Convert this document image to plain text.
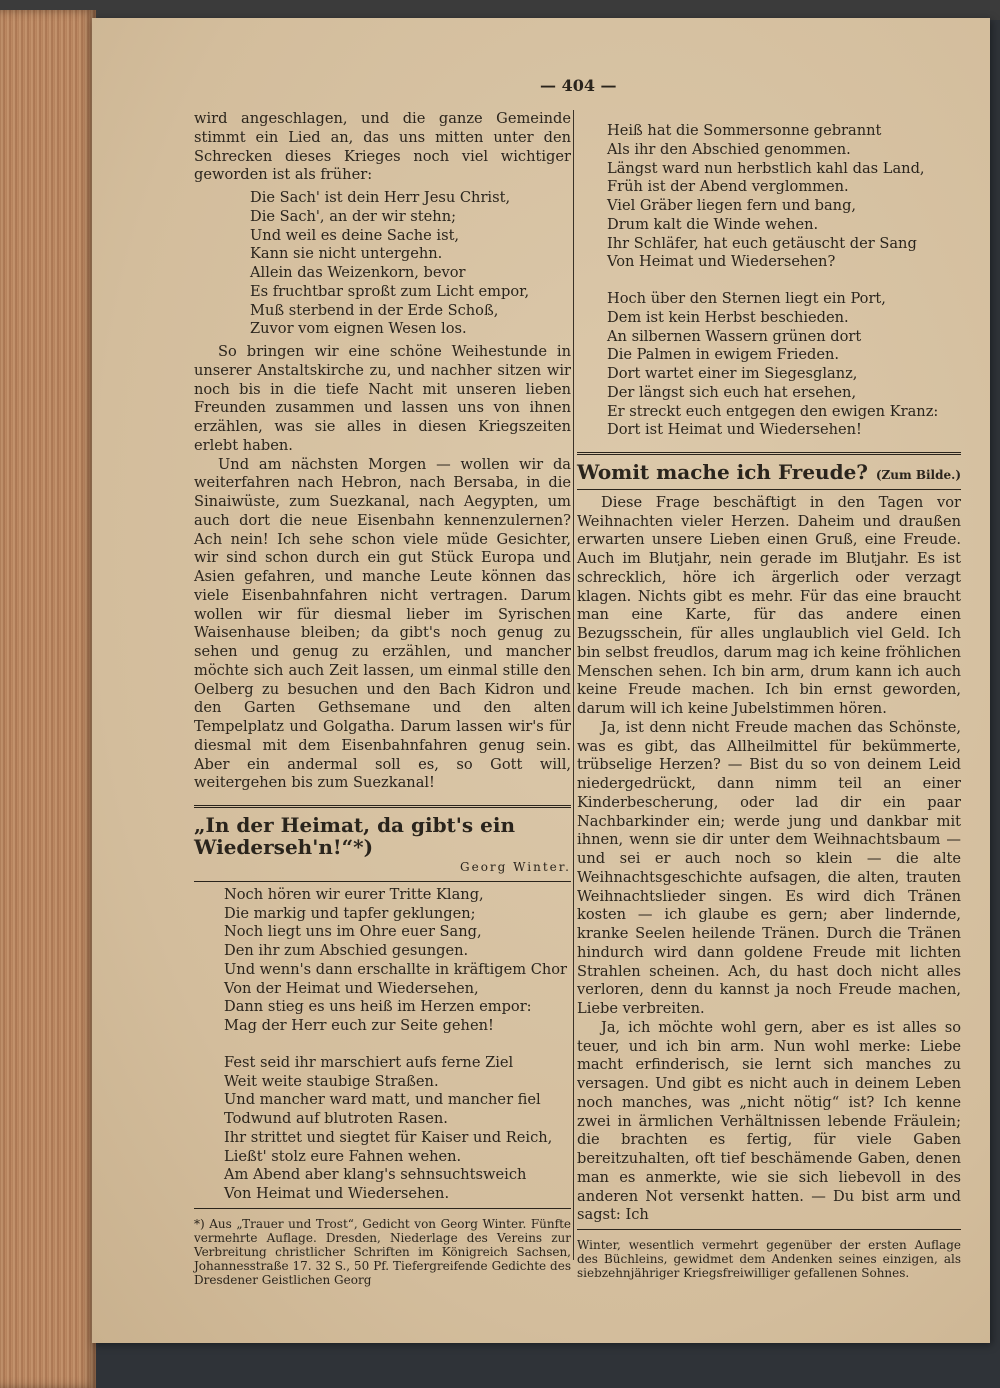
— 404 —

wird angeschlagen, und die ganze Gemeinde stimmt ein Lied an, das uns mitten unter den Schrecken dieses Krieges noch viel wichtiger geworden ist als früher:

Die Sach' ist dein Herr Jesu Christ,
Die Sach', an der wir stehn;
Und weil es deine Sache ist,
Kann sie nicht untergehn.
Allein das Weizenkorn, bevor
Es fruchtbar sproßt zum Licht empor,
Muß sterbend in der Erde Schoß,
Zuvor vom eignen Wesen los.

So bringen wir eine schöne Weihestunde in unserer Anstaltskirche zu, und nachher sitzen wir noch bis in die tiefe Nacht mit unseren lieben Freunden zusammen und lassen uns von ihnen erzählen, was sie alles in diesen Kriegszeiten erlebt haben.

Und am nächsten Morgen — wollen wir da weiterfahren nach Hebron, nach Bersaba, in die Sinaiwüste, zum Suezkanal, nach Aegypten, um auch dort die neue Eisenbahn kennenzulernen? Ach nein! Ich sehe schon viele müde Gesichter, wir sind schon durch ein gut Stück Europa und Asien gefahren, und manche Leute können das viele Eisenbahnfahren nicht vertragen. Darum wollen wir für diesmal lieber im Syrischen Waisenhause bleiben; da gibt's noch genug zu sehen und genug zu erzählen, und mancher möchte sich auch Zeit lassen, um einmal stille den Oelberg zu besuchen und den Bach Kidron und den Garten Gethsemane und den alten Tempelplatz und Golgatha. Darum lassen wir's für diesmal mit dem Eisenbahnfahren genug sein. Aber ein andermal soll es, so Gott will, weitergehen bis zum Suezkanal!

„In der Heimat, da gibt's ein Wiederseh'n!“*)
Georg Winter.
Noch hören wir eurer Tritte Klang,
Die markig und tapfer geklungen;
Noch liegt uns im Ohre euer Sang,
Den ihr zum Abschied gesungen.
Und wenn's dann erschallte in kräftigem Chor
Von der Heimat und Wiedersehen,
Dann stieg es uns heiß im Herzen empor:
Mag der Herr euch zur Seite gehen!
Fest seid ihr marschiert aufs ferne Ziel
Weit weite staubige Straßen.
Und mancher ward matt, und mancher fiel
Todwund auf blutroten Rasen.
Ihr strittet und siegtet für Kaiser und Reich,
Ließt' stolz eure Fahnen wehen.
Am Abend aber klang's sehnsuchtsweich
Von Heimat und Wiedersehen.

*) Aus „Trauer und Trost“, Gedicht von Georg Winter. Fünfte vermehrte Auflage. Dresden, Niederlage des Vereins zur Verbreitung christlicher Schriften im Königreich Sachsen, Johannesstraße 17. 32 S., 50 Pf. Tiefergreifende Gedichte des Dresdener Geistlichen Georg

Heiß hat die Sommersonne gebrannt
Als ihr den Abschied genommen.
Längst ward nun herbstlich kahl das Land,
Früh ist der Abend verglommen.
Viel Gräber liegen fern und bang,
Drum kalt die Winde wehen.
Ihr Schläfer, hat euch getäuscht der Sang
Von Heimat und Wiedersehen?
Hoch über den Sternen liegt ein Port,
Dem ist kein Herbst beschieden.
An silbernen Wassern grünen dort
Die Palmen in ewigem Frieden.
Dort wartet einer im Siegesglanz,
Der längst sich euch hat ersehen,
Er streckt euch entgegen den ewigen Kranz:
Dort ist Heimat und Wiedersehen!
Womit mache ich Freude? (Zum Bilde.)

Diese Frage beschäftigt in den Tagen vor Weihnachten vieler Herzen. Daheim und draußen erwarten unsere Lieben einen Gruß, eine Freude. Auch im Blutjahr, nein gerade im Blutjahr. Es ist schrecklich, höre ich ärgerlich oder verzagt klagen. Nichts gibt es mehr. Für das eine braucht man eine Karte, für das andere einen Bezugsschein, für alles unglaublich viel Geld. Ich bin selbst freudlos, darum mag ich keine fröhlichen Menschen sehen. Ich bin arm, drum kann ich auch keine Freude machen. Ich bin ernst geworden, darum will ich keine Jubelstimmen hören.

Ja, ist denn nicht Freude machen das Schönste, was es gibt, das Allheilmittel für bekümmerte, trübselige Herzen? — Bist du so von deinem Leid niedergedrückt, dann nimm teil an einer Kinderbescherung, oder lad dir ein paar Nachbarkinder ein; werde jung und dankbar mit ihnen, wenn sie dir unter dem Weihnachtsbaum — und sei er auch noch so klein — die alte Weihnachtsgeschichte aufsagen, die alten, trauten Weihnachtslieder singen. Es wird dich Tränen kosten — ich glaube es gern; aber lindernde, kranke Seelen heilende Tränen. Durch die Tränen hindurch wird dann goldene Freude mit lichten Strahlen scheinen. Ach, du hast doch nicht alles verloren, denn du kannst ja noch Freude machen, Liebe verbreiten.

Ja, ich möchte wohl gern, aber es ist alles so teuer, und ich bin arm. Nun wohl merke: Liebe macht erfinderisch, sie lernt sich manches zu versagen. Und gibt es nicht auch in deinem Leben noch manches, was „nicht nötig“ ist? Ich kenne zwei in ärmlichen Verhältnissen lebende Fräulein; die brachten es fertig, für viele Gaben bereitzuhalten, oft tief beschämende Gaben, denen man es anmerkte, wie sie sich liebevoll in des anderen Not versenkt hatten. — Du bist arm und sagst: Ich

Winter, wesentlich vermehrt gegenüber der ersten Auflage des Büchleins, gewidmet dem Andenken seines einzigen, als siebzehnjähriger Kriegsfreiwilliger gefallenen Sohnes.
